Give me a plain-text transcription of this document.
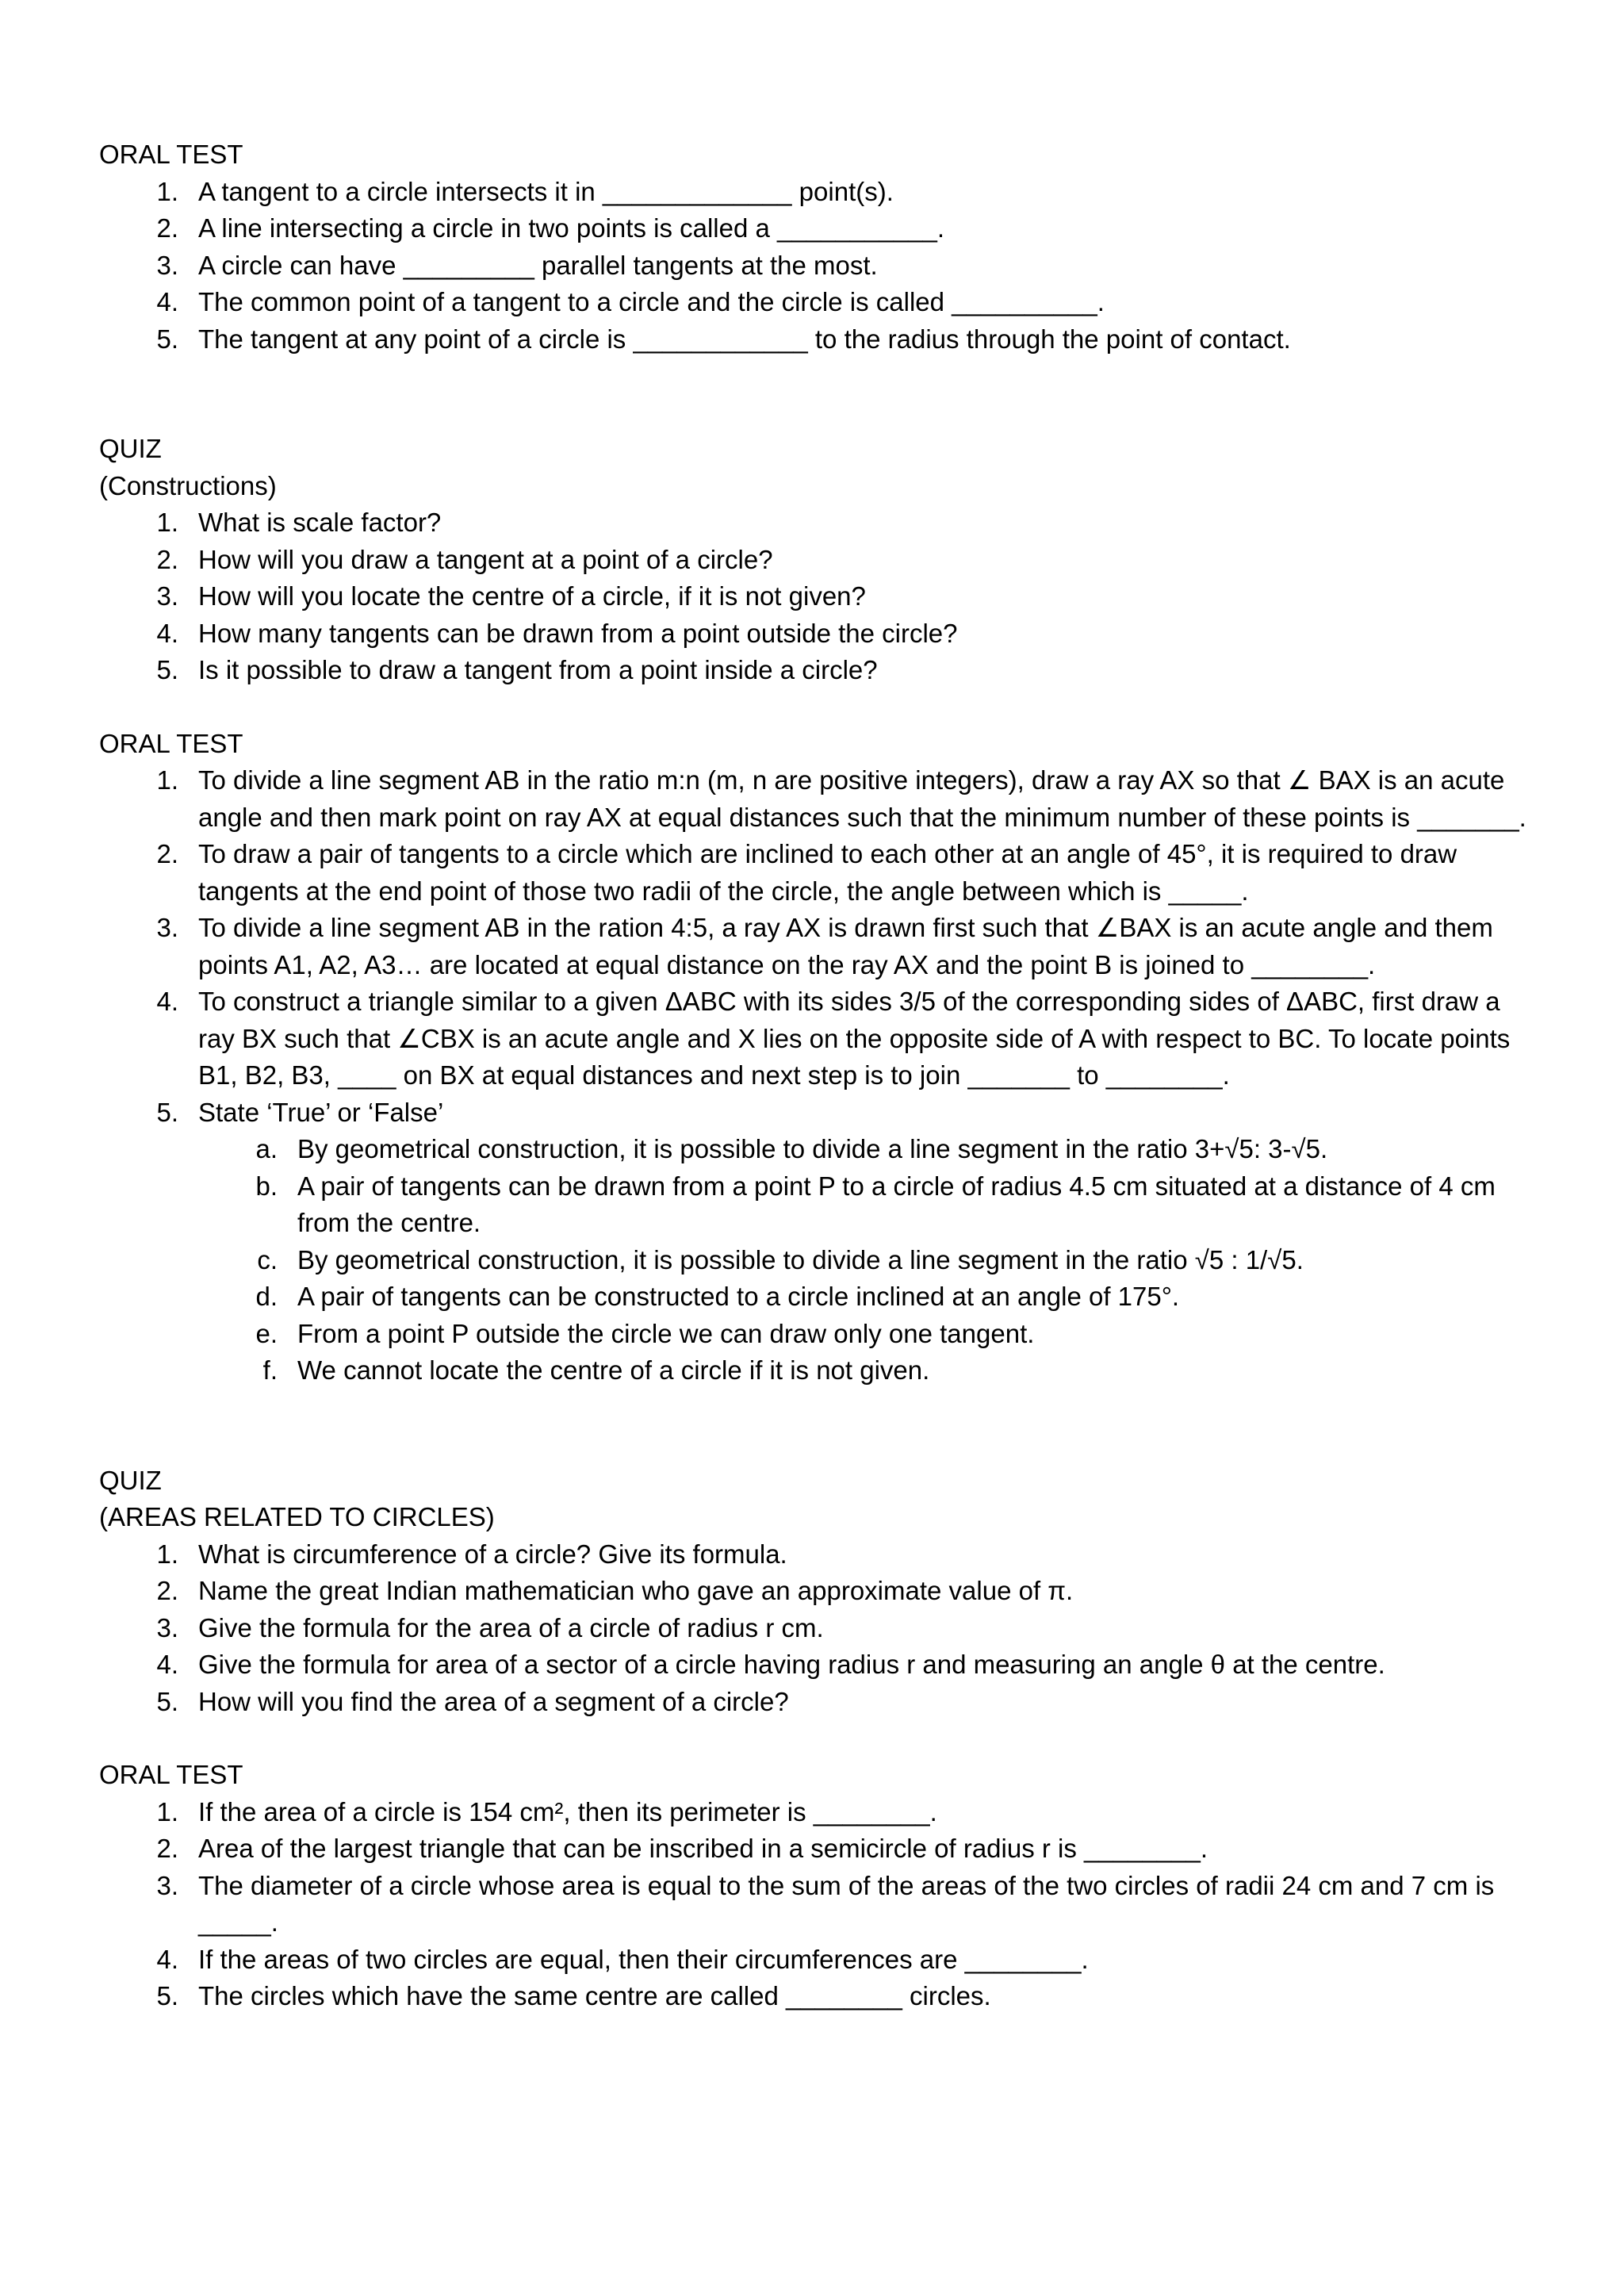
ORAL TEST
1. A tangent to a circle intersects it in _____________ point(s).
2. A line intersecting a circle in two points is called a ___________.
3. A circle can have _________ parallel tangents at the most.
4. The common point of a tangent to a circle and the circle is called __________.
5. The tangent at any point of a circle is ____________ to the radius through the point of contact.
QUIZ
(Constructions)
1. What is scale factor?
2. How will you draw a tangent at a point of a circle?
3. How will you locate the centre of a circle, if it is not given?
4. How many tangents can be drawn from a point outside the circle?
5. Is it possible to draw a tangent from a point inside a circle?
ORAL TEST
1. To divide a line segment AB in the ratio m:n (m, n are positive integers), draw a ray AX so that ∠ BAX is an acute angle and then mark point on ray AX at equal distances such that the minimum number of these points is _______.
2. To draw a pair of tangents to a circle which are inclined to each other at an angle of 45°, it is required to draw tangents at the end point of those two radii of the circle, the angle between which is _____.
3. To divide a line segment AB in the ration 4:5, a ray AX is drawn first such that ∠BAX is an acute angle and them points A1, A2, A3… are located at equal distance on the ray AX and the point B is joined to ________.
4. To construct a triangle similar to a given ΔABC with its sides 3/5 of the corresponding sides of ΔABC, first draw a ray BX such that ∠CBX is an acute angle and X lies on the opposite side of A with respect to BC. To locate points B1, B2, B3, ____ on BX at equal distances and next step is to join _______ to ________.
5. State ‘True’ or ‘False’
a. By geometrical construction, it is possible to divide a line segment in the ratio 3+√5: 3-√5.
b. A pair of tangents can be drawn from a point P to a circle of radius 4.5 cm situated at a distance of 4 cm from the centre.
c. By geometrical construction, it is possible to divide a line segment in the ratio √5 : 1/√5.
d. A pair of tangents can be constructed to a circle inclined at an angle of 175°.
e. From a point P outside the circle we can draw only one tangent.
f. We cannot locate the centre of a circle if it is not given.
QUIZ
(AREAS RELATED TO CIRCLES)
1. What is circumference of a circle? Give its formula.
2. Name the great Indian mathematician who gave an approximate value of π.
3. Give the formula for the area of a circle of radius r cm.
4. Give the formula for area of a sector of a circle having radius r and measuring an angle θ at the centre.
5. How will you find the area of a segment of a circle?
ORAL TEST
1. If the area of a circle is 154 cm², then its perimeter is ________.
2. Area of the largest triangle that can be inscribed in a semicircle of radius r is ________.
3. The diameter of a circle whose area is equal to the sum of the areas of the two circles of radii 24 cm and 7 cm is _____.
4. If the areas of two circles are equal, then their circumferences are ________.
5. The circles which have the same centre are called ________ circles.
